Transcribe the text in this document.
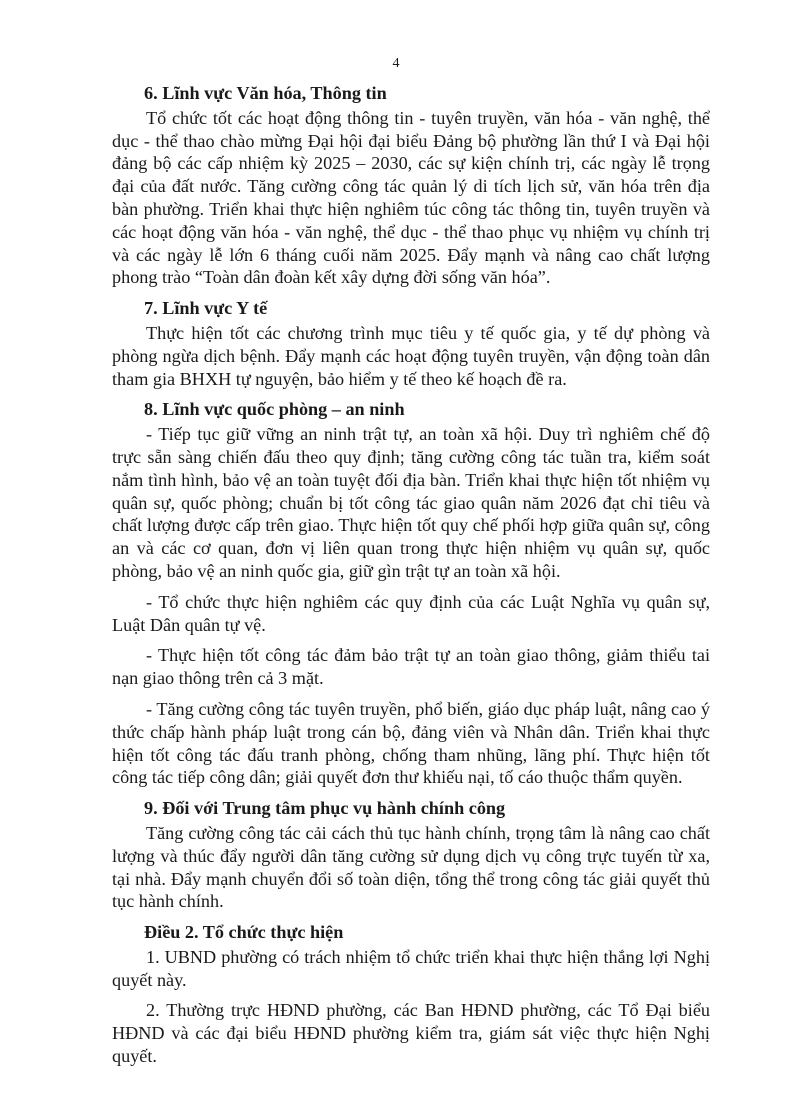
4
6. Lĩnh vực Văn hóa, Thông tin

Tổ chức tốt các hoạt động thông tin - tuyên truyền, văn hóa - văn nghệ, thể dục - thể thao chào mừng Đại hội đại biểu Đảng bộ phường lần thứ I và Đại hội đảng bộ các cấp nhiệm kỳ 2025 – 2030, các sự kiện chính trị, các ngày lễ trọng đại của đất nước. Tăng cường công tác quản lý di tích lịch sử, văn hóa trên địa bàn phường. Triển khai thực hiện nghiêm túc công tác thông tin, tuyên truyền và các hoạt động văn hóa - văn nghệ, thể dục - thể thao phục vụ nhiệm vụ chính trị và các ngày lễ lớn 6 tháng cuối năm 2025. Đẩy mạnh và nâng cao chất lượng phong trào “Toàn dân đoàn kết xây dựng đời sống văn hóa”.

7. Lĩnh vực Y tế

Thực hiện tốt các chương trình mục tiêu y tế quốc gia, y tế dự phòng và phòng ngừa dịch bệnh. Đẩy mạnh các hoạt động tuyên truyền, vận động toàn dân tham gia BHXH tự nguyện, bảo hiểm y tế theo kế hoạch đề ra.

8. Lĩnh vực quốc phòng – an ninh

- Tiếp tục giữ vững an ninh trật tự, an toàn xã hội. Duy trì nghiêm chế độ trực sẵn sàng chiến đấu theo quy định; tăng cường công tác tuần tra, kiểm soát nắm tình hình, bảo vệ an toàn tuyệt đối địa bàn. Triển khai thực hiện tốt nhiệm vụ quân sự, quốc phòng; chuẩn bị tốt công tác giao quân năm 2026 đạt chỉ tiêu và chất lượng được cấp trên giao. Thực hiện tốt quy chế phối hợp giữa quân sự, công an và các cơ quan, đơn vị liên quan trong thực hiện nhiệm vụ quân sự, quốc phòng, bảo vệ an ninh quốc gia, giữ gìn trật tự an toàn xã hội.

- Tổ chức thực hiện nghiêm các quy định của các Luật Nghĩa vụ quân sự, Luật Dân quân tự vệ.

- Thực hiện tốt công tác đảm bảo trật tự an toàn giao thông, giảm thiểu tai nạn giao thông trên cả 3 mặt.

- Tăng cường công tác tuyên truyền, phổ biến, giáo dục pháp luật, nâng cao ý thức chấp hành pháp luật trong cán bộ, đảng viên và Nhân dân. Triển khai thực hiện tốt công tác đấu tranh phòng, chống tham nhũng, lãng phí. Thực hiện tốt công tác tiếp công dân; giải quyết đơn thư khiếu nại, tố cáo thuộc thẩm quyền.

9. Đối với Trung tâm phục vụ hành chính công

Tăng cường công tác cải cách thủ tục hành chính, trọng tâm là nâng cao chất lượng và thúc đẩy người dân tăng cường sử dụng dịch vụ công trực tuyến từ xa, tại nhà. Đẩy mạnh chuyển đổi số toàn diện, tổng thể trong công tác giải quyết thủ tục hành chính.

Điều 2. Tổ chức thực hiện

1. UBND phường có trách nhiệm tổ chức triển khai thực hiện thắng lợi Nghị quyết này.

2. Thường trực HĐND phường, các Ban HĐND phường, các Tổ Đại biểu HĐND và các đại biểu HĐND phường kiểm tra, giám sát việc thực hiện Nghị quyết.
